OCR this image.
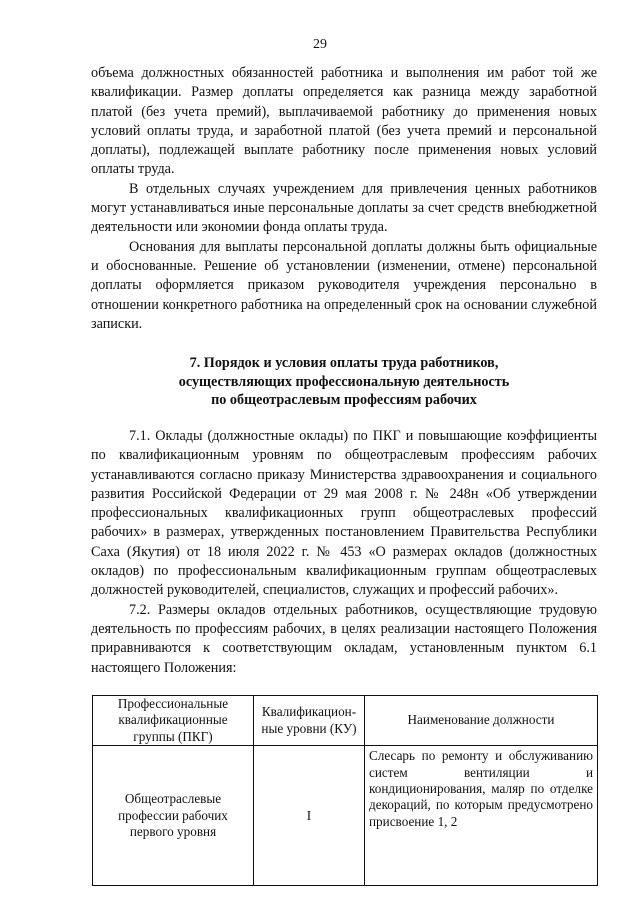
29

объема должностных обязанностей работника и выполнения им работ той же квалификации. Размер доплаты определяется как разница между заработной платой (без учета премий), выплачиваемой работнику до применения новых условий оплаты труда, и заработной платой (без учета премий и персональной доплаты), подлежащей выплате работнику после применения новых условий оплаты труда.

В отдельных случаях учреждением для привлечения ценных работников могут устанавливаться иные персональные доплаты за счет средств внебюджетной деятельности или экономии фонда оплаты труда.

Основания для выплаты персональной доплаты должны быть официальные и обоснованные. Решение об установлении (изменении, отмене) персональной доплаты оформляется приказом руководителя учреждения персонально в отношении конкретного работника на определенный срок на основании служебной записки.

7. Порядок и условия оплаты труда работников,
осуществляющих профессиональную деятельность
по общеотраслевым профессиям рабочих

7.1. Оклады (должностные оклады) по ПКГ и повышающие коэффициенты по квалификационным уровням по общеотраслевым профессиям рабочих устанавливаются согласно приказу Министерства здравоохранения и социального развития Российской Федерации от 29 мая 2008 г. № 248н «Об утверждении профессиональных квалификационных групп общеотраслевых профессий рабочих» в размерах, утвержденных постановлением Правительства Республики Саха (Якутия) от 18 июля 2022 г. № 453 «О размерах окладов (должностных окладов) по профессиональным квалификационным группам общеотраслевых должностей руководителей, специалистов, служащих и профессий рабочих».

7.2. Размеры окладов отдельных работников, осуществляющие трудовую деятельность по профессиям рабочих, в целях реализации настоящего Положения приравниваются к соответствующим окладам, установленным пунктом 6.1 настоящего Положения:

Профессиональные квалификационные группы (ПКГ)	Квалификацион-ные уровни (КУ)	Наименование должности
Общеотраслевые профессии рабочих первого уровня	I	Слесарь по ремонту и обслуживанию систем вентиляции и кондиционирования, маляр по отделке декораций, по которым предусмотрено присвоение 1, 2
